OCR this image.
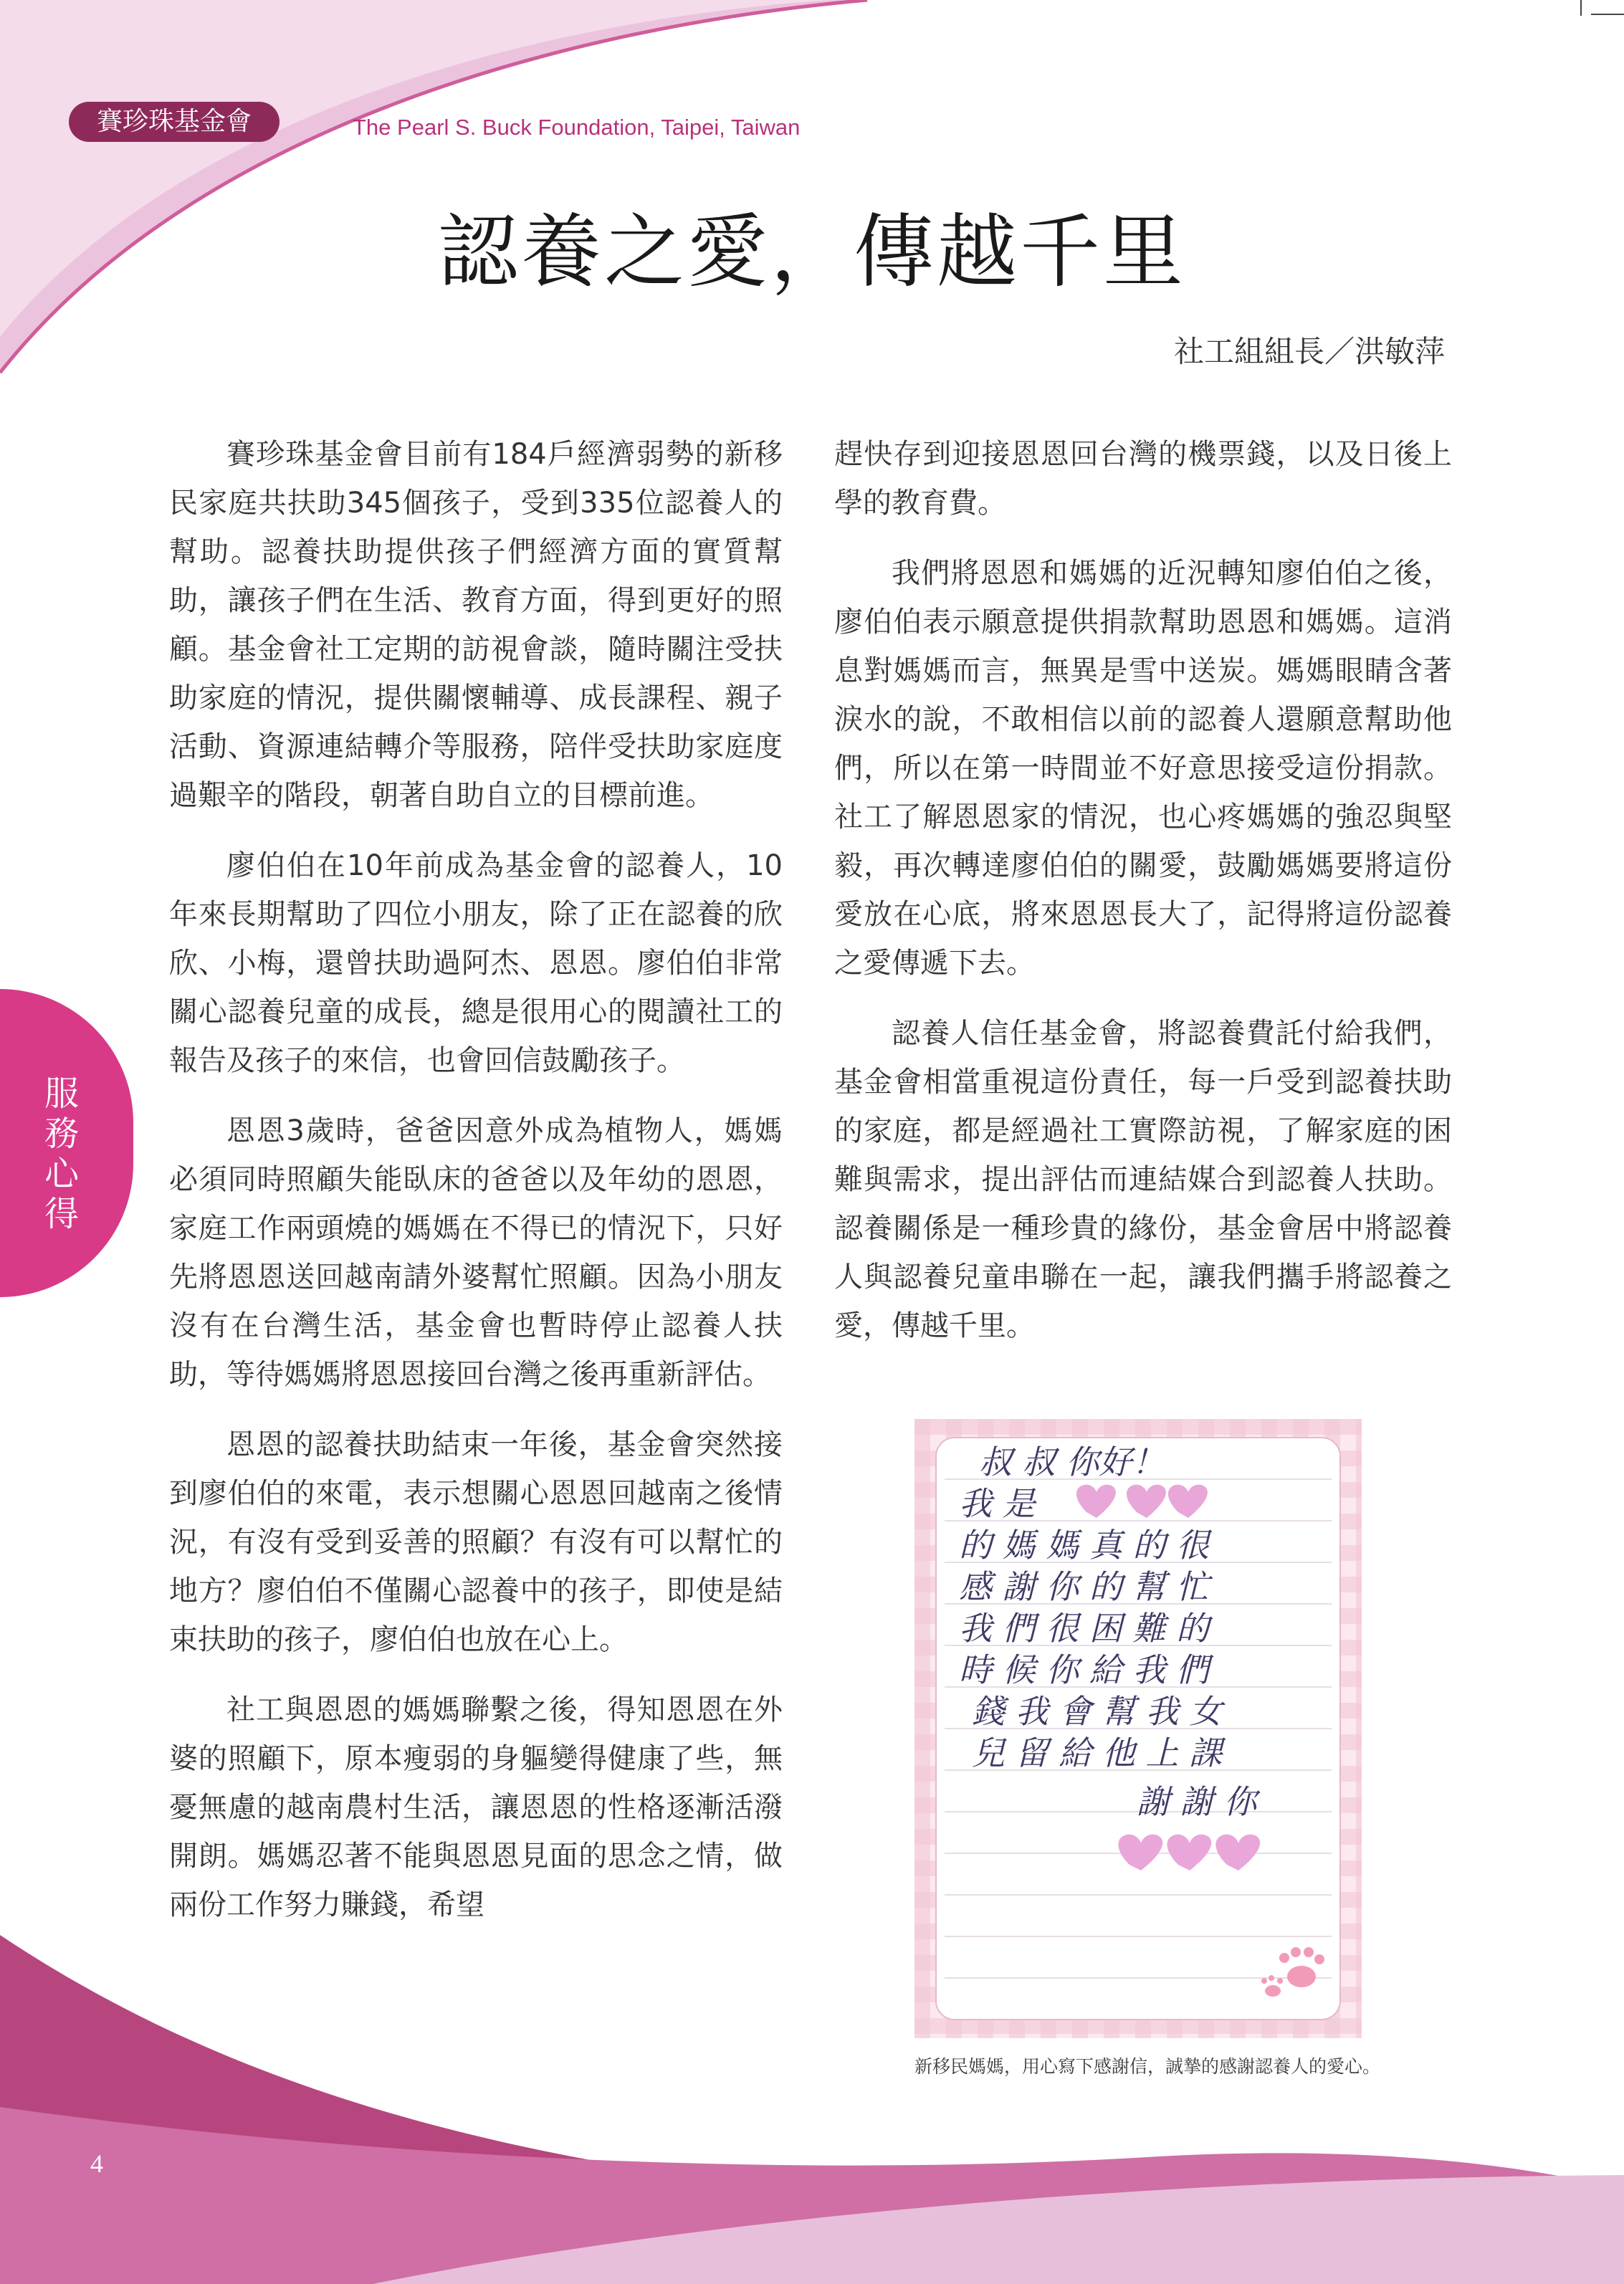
賽珍珠基金會	The Pearl S. Buck Foundation, Taipei, Taiwan
認養之愛，傳越千里
社工組組長／洪敏萍

賽珍珠基金會目前有184戶經濟弱勢的新移民家庭共扶助345個孩子，受到335位認養人的幫助。認養扶助提供孩子們經濟方面的實質幫助，讓孩子們在生活、教育方面，得到更好的照顧。基金會社工定期的訪視會談，隨時關注受扶助家庭的情況，提供關懷輔導、成長課程、親子活動、資源連結轉介等服務，陪伴受扶助家庭度過艱辛的階段，朝著自助自立的目標前進。

廖伯伯在10年前成為基金會的認養人，10年來長期幫助了四位小朋友，除了正在認養的欣欣、小梅，還曾扶助過阿杰、恩恩。廖伯伯非常關心認養兒童的成長，總是很用心的閱讀社工的報告及孩子的來信，也會回信鼓勵孩子。

恩恩3歲時，爸爸因意外成為植物人，媽媽必須同時照顧失能臥床的爸爸以及年幼的恩恩，家庭工作兩頭燒的媽媽在不得已的情況下，只好先將恩恩送回越南請外婆幫忙照顧。因為小朋友沒有在台灣生活，基金會也暫時停止認養人扶助，等待媽媽將恩恩接回台灣之後再重新評估。

恩恩的認養扶助結束一年後，基金會突然接到廖伯伯的來電，表示想關心恩恩回越南之後情況，有沒有受到妥善的照顧？有沒有可以幫忙的地方？廖伯伯不僅關心認養中的孩子，即使是結束扶助的孩子，廖伯伯也放在心上。

社工與恩恩的媽媽聯繫之後，得知恩恩在外婆的照顧下，原本瘦弱的身軀變得健康了些，無憂無慮的越南農村生活，讓恩恩的性格逐漸活潑開朗。媽媽忍著不能與恩恩見面的思念之情，做兩份工作努力賺錢，希望

趕快存到迎接恩恩回台灣的機票錢，以及日後上學的教育費。

我們將恩恩和媽媽的近況轉知廖伯伯之後，廖伯伯表示願意提供捐款幫助恩恩和媽媽。這消息對媽媽而言，無異是雪中送炭。媽媽眼睛含著淚水的說，不敢相信以前的認養人還願意幫助他們，所以在第一時間並不好意思接受這份捐款。社工了解恩恩家的情況，也心疼媽媽的強忍與堅毅，再次轉達廖伯伯的關愛，鼓勵媽媽要將這份愛放在心底，將來恩恩長大了，記得將這份認養之愛傳遞下去。

認養人信任基金會，將認養費託付給我們，基金會相當重視這份責任，每一戶受到認養扶助的家庭，都是經過社工實際訪視，了解家庭的困難與需求，提出評估而連結媒合到認養人扶助。認養關係是一種珍貴的緣份，基金會居中將認養人與認養兒童串聯在一起，讓我們攜手將認養之愛，傳越千里。

服務心得
叔 叔 你好！
我 是
的 媽 媽 真 的 很
感 謝 你 的 幫 忙
我 們 很 困 難 的
時 候 你 給 我 們
錢 我 會 幫 我 女
兒 留 給 他 上 課
謝 謝 你
新移民媽媽，用心寫下感謝信，誠摯的感謝認養人的愛心。
4
